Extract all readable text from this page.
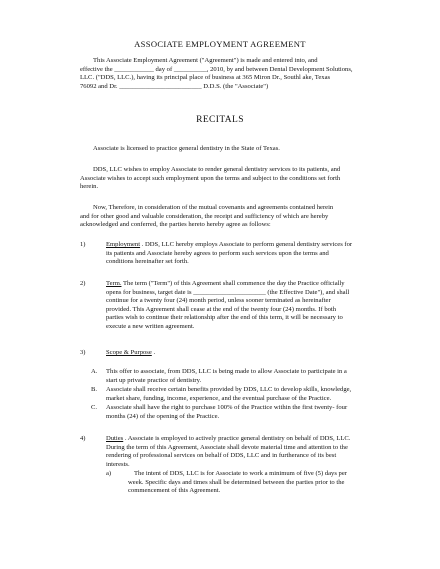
ASSOCIATE EMPLOYMENT AGREEMENT
This Associate Employment Agreement ("Agreement") is made and entered into, and
effective the ____________ day of __________, 2010, by and between Dental Development Solutions,
LLC. ("DDS, LLC.), having its principal place of business at 365 Miron Dr., Southl ake, Texas
76092 and Dr. _________________________ D.D.S. (the "Associate")
RECITALS
Associate is licensed to practice general dentistry in the State of Texas.
DDS, LLC wishes to employ Associate to render general dentistry services to its patients, and
Associate wishes to accept such employment upon the terms and subject to the conditions set forth
herein.
Now, Therefore, in consideration of the mutual covenants and agreements contained herein
and for other good and valuable consideration, the receipt and sufficiency of which are hereby
acknowledged and conferred, the parties hereto hereby agree as follows:
1)	Employment . DDS, LLC hereby employs Associate to perform general dentistry services for
its patients and Associate hereby agrees to perform such services upon the terms and
conditions hereinafter set forth.
2)	Term. The term ("Term") of this Agreement shall commence the day the Practice officially
opens for business, target date is ______________________ (the Effective Date"), and shall
continue for a twenty four (24) month period, unless sooner terminated as hereinafter
provided. This Agreement shall cease at the end of the twenty four (24) months. If both
parties wish to continue their relationship after the end of this term, it will be necessary to
execute a new written agreement.
3)	Scope & Purpose .
A. This offer to associate, from DDS, LLC is being made to allow Associate to participate in a
start up private practice of dentistry.
B. Associate shall receive certain benefits provided by DDS, LLC to develop skills, knowledge,
market share, funding, income, experience, and the eventual purchase of the Practice.
C. Associate shall have the right to purchase 100% of the Practice within the first twenty- four
months (24) of the opening of the Practice.
4)	Duties . Associate is employed to actively practice general dentistry on behalf of DDS, LLC.
During the term of this Agreement, Associate shall devote material time and attention to the
rendering of professional services on behalf of DDS, LLC and in furtherance of its best
interests.
a)	The intent of DDS, LLC is for Associate to work a minimum of five (5) days per
week. Specific days and times shall be determined between the parties prior to the
commencement of this Agreement.
